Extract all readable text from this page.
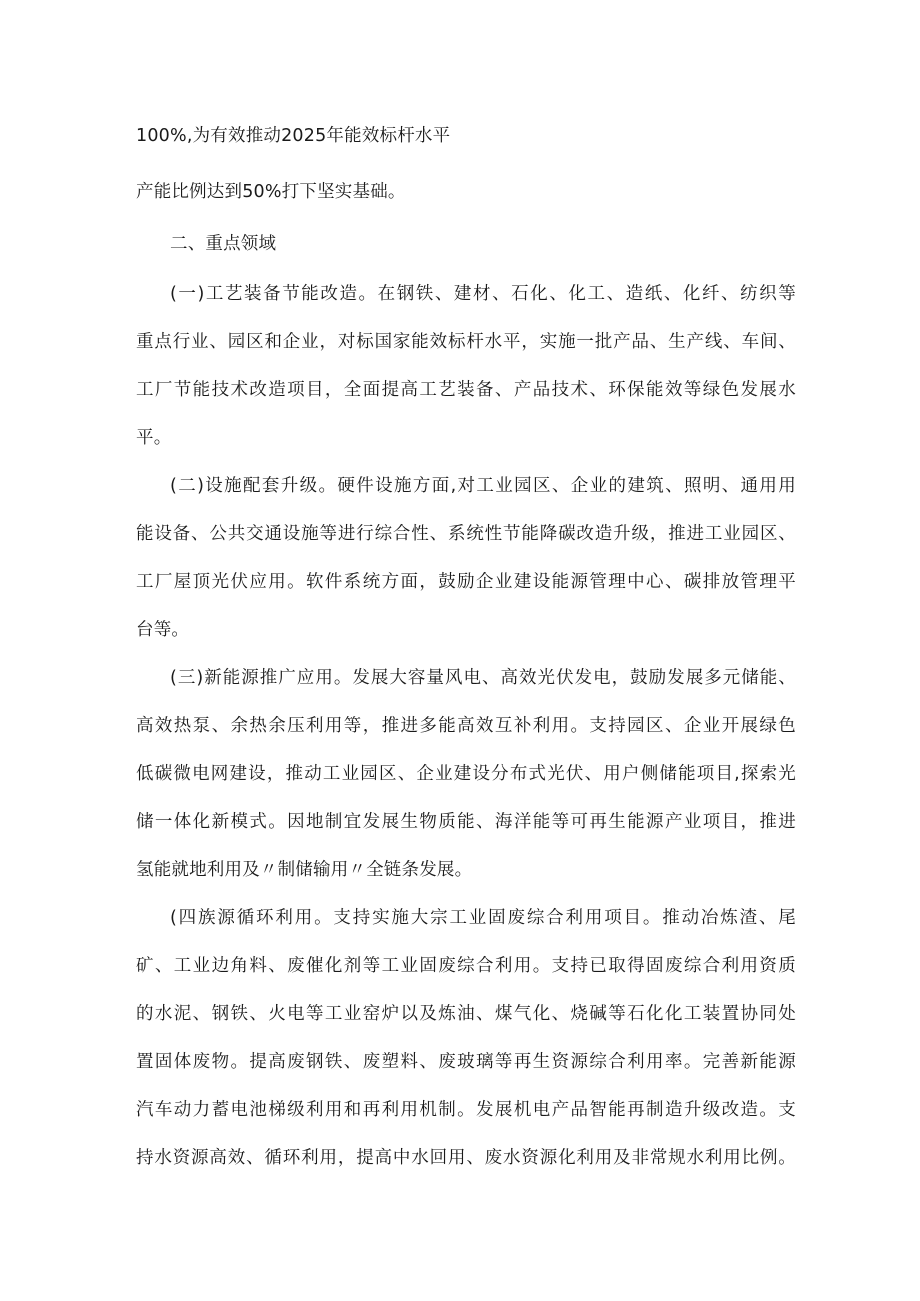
100%,为有效推动2025年能效标杆水平
产能比例达到50%打下坚实基础。
二、重点领域
(一)工艺装备节能改造。在钢铁、建材、石化、化工、造纸、化纤、纺织等
重点行业、园区和企业，对标国家能效标杆水平，实施一批产品、生产线、车间、
工厂节能技术改造项目，全面提高工艺装备、产品技术、环保能效等绿色发展水
平。
(二)设施配套升级。硬件设施方面,对工业园区、企业的建筑、照明、通用用
能设备、公共交通设施等进行综合性、系统性节能降碳改造升级，推进工业园区、
工厂屋顶光伏应用。软件系统方面，鼓励企业建设能源管理中心、碳排放管理平
台等。
(三)新能源推广应用。发展大容量风电、高效光伏发电，鼓励发展多元储能、
高效热泵、余热余压利用等，推进多能高效互补利用。支持园区、企业开展绿色
低碳微电网建设，推动工业园区、企业建设分布式光伏、用户侧储能项目,探索光
储一体化新模式。因地制宜发展生物质能、海洋能等可再生能源产业项目，推进
氢能就地利用及〃制储输用〃全链条发展。
(四族源循环利用。支持实施大宗工业固废综合利用项目。推动冶炼渣、尾
矿、工业边角料、废催化剂等工业固废综合利用。支持已取得固废综合利用资质
的水泥、钢铁、火电等工业窑炉以及炼油、煤气化、烧碱等石化化工装置协同处
置固体废物。提高废钢铁、废塑料、废玻璃等再生资源综合利用率。完善新能源
汽车动力蓄电池梯级利用和再利用机制。发展机电产品智能再制造升级改造。支
持水资源高效、循环利用，提高中水回用、废水资源化利用及非常规水利用比例。
